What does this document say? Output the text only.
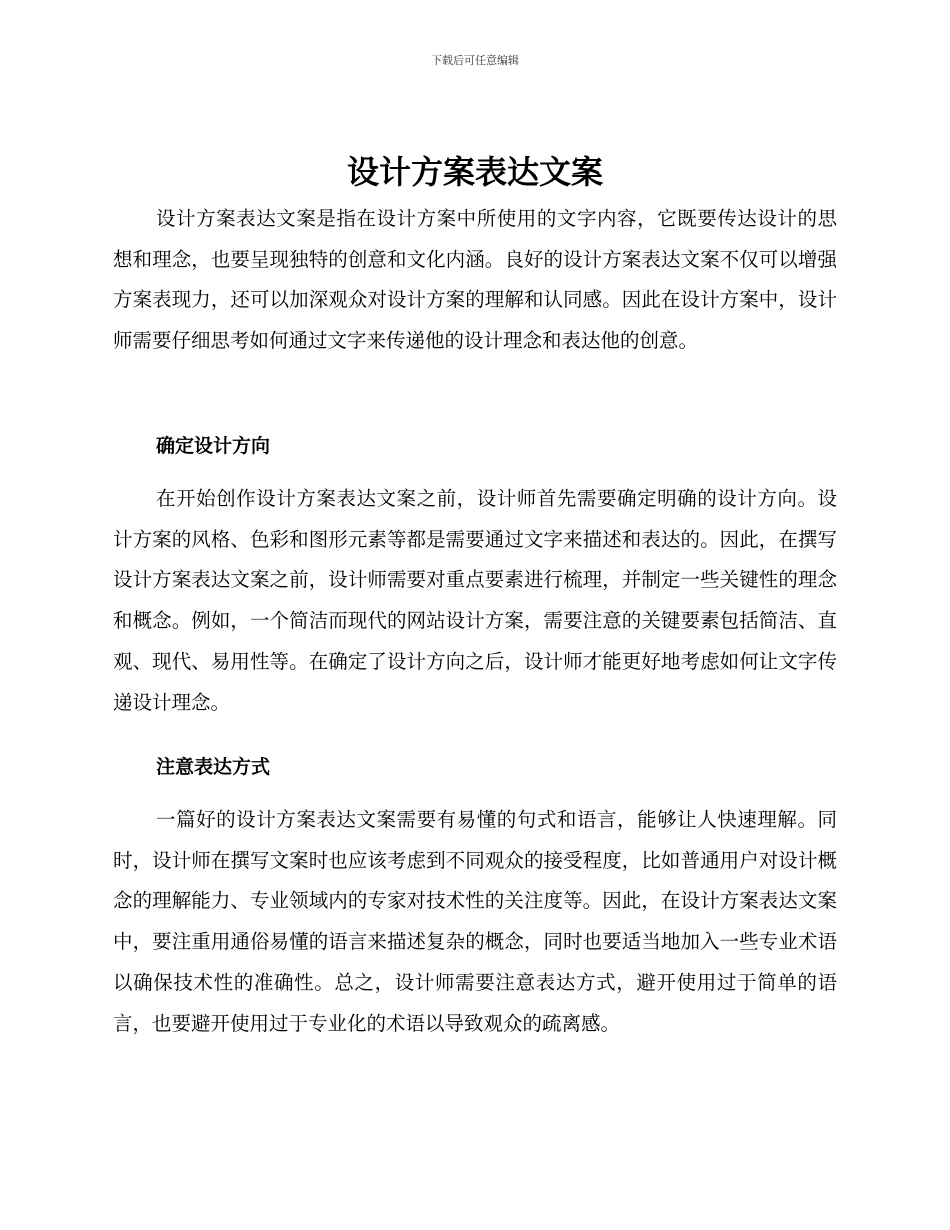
下载后可任意编辑
设计方案表达文案

设计方案表达文案是指在设计方案中所使用的文字内容，它既要传达设计的思想和理念，也要呈现独特的创意和文化内涵。良好的设计方案表达文案不仅可以增强方案表现力，还可以加深观众对设计方案的理解和认同感。因此在设计方案中，设计师需要仔细思考如何通过文字来传递他的设计理念和表达他的创意。

确定设计方向

在开始创作设计方案表达文案之前，设计师首先需要确定明确的设计方向。设计方案的风格、色彩和图形元素等都是需要通过文字来描述和表达的。因此，在撰写设计方案表达文案之前，设计师需要对重点要素进行梳理，并制定一些关键性的理念和概念。例如，一个简洁而现代的网站设计方案，需要注意的关键要素包括简洁、直观、现代、易用性等。在确定了设计方向之后，设计师才能更好地考虑如何让文字传递设计理念。

注意表达方式

一篇好的设计方案表达文案需要有易懂的句式和语言，能够让人快速理解。同时，设计师在撰写文案时也应该考虑到不同观众的接受程度，比如普通用户对设计概念的理解能力、专业领域内的专家对技术性的关注度等。因此，在设计方案表达文案中，要注重用通俗易懂的语言来描述复杂的概念，同时也要适当地加入一些专业术语以确保技术性的准确性。总之，设计师需要注意表达方式，避开使用过于简单的语言，也要避开使用过于专业化的术语以导致观众的疏离感。
